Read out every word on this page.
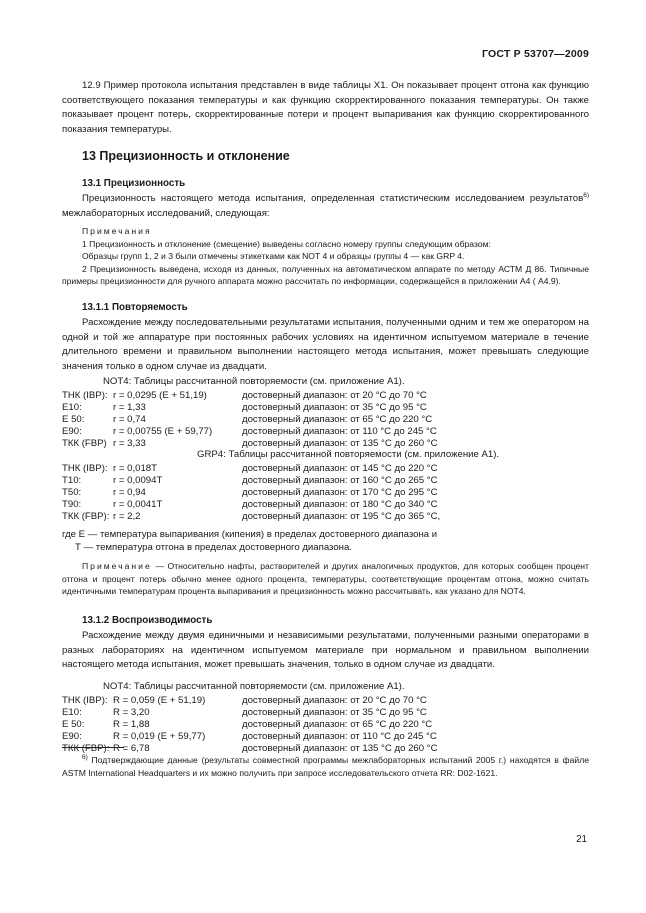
ГОСТ Р 53707—2009

12.9 Пример протокола испытания представлен в виде таблицы Х1. Он показывает процент отгона как функцию соответствующего показания температуры и как функцию скорректированного показания температуры. Он также показывает процент потерь, скорректированные потери и процент выпаривания как функцию скорректированного показания температуры.

13 Прецизионность и отклонение
13.1 Прецизионность

Прецизионность настоящего метода испытания, определенная статистическим исследованием результатов$^{6)}$ межлабораторных исследований, следующая:

Примечания
1 Прецизионность и отклонение (смещение) выведены согласно номеру группы следующим образом:
Образцы групп 1, 2 и 3 были отмечены этикетками как NOT 4 и образцы группы 4 — как GRP 4.
2 Прецизионность выведена, исходя из данных, полученных на автоматическом аппарате по методу АСТМ Д 86. Типичные примеры прецизионности для ручного аппарата можно рассчитать по информации, содержащейся в приложении А4 ( А4.9).
13.1.1 Повторяемость

Расхождение между последовательными результатами испытания, полученными одним и тем же оператором на одной и той же аппаратуре при постоянных рабочих условиях на идентичном испытуемом материале в течение длительного времени и правильном выполнении настоящего метода испытания, может превышать следующие значения только в одном случае из двадцати.

NOT4: Таблицы рассчитанной повторяемости (см. приложение А1).
ТНК (IBP): r = 0,0295 (E + 51,19)	достоверный диапазон: от 20 °С до 70 °С
Е10:	r = 1,33	достоверный диапазон: от 35 °С до 95 °С
Е 50:	r = 0,74	достоверный диапазон: от 65 °С до 220 °С
Е90:	r = 0,00755 (E + 59,77)	достоверный диапазон: от 110 °С до 245 °С
ТКК (FBP) r = 3,33	достоверный диапазон: от 135 °С до 260 °С
GRP4: Таблицы рассчитанной повторяемости (см. приложение А1).
ТНК (IBP): r = 0,018T	достоверный диапазон: от 145 °С до 220 °С
Т10:	r = 0,0094T	достоверный диапазон: от 160 °С до 265 °С
Т50:	r = 0,94	достоверный диапазон: от 170 °С до 295 °С
Т90:	r = 0,0041T	достоверный диапазон: от 180 °С до 340 °С
ТКК (FBP): r = 2,2	достоверный диапазон: от 195 °С до 365 °С,
где Е — температура выпаривания (кипения) в пределах достоверного диапазона и
Т — температура отгона в пределах достоверного диапазона.

Примечание — Относительно нафты, растворителей и других аналогичных продуктов, для которых сообщен процент отгона и процент потерь обычно менее одного процента, температуры, соответствующие процентам отгона, можно считать идентичными температурам процента выпаривания и прецизионность можно рассчитывать, как указано для NOT4.

13.1.2 Воспроизводимость

Расхождение между двумя единичными и независимыми результатами, полученными разными операторами в разных лабораториях на идентичном испытуемом материале при нормальном и правильном выполнении настоящего метода испытания, может превышать значения, только в одном случае из двадцати.

NOT4: Таблицы рассчитанной повторяемости (см. приложение А1).
ТНК (IBP): R = 0,059 (E + 51,19)	достоверный диапазон: от 20 °С до 70 °С
Е10:	R = 3,20	достоверный диапазон: от 35 °С до 95 °С
Е 50:	R = 1,88	достоверный диапазон: от 65 °С до 220 °С
Е90:	R = 0,019 (E + 59,77)	достоверный диапазон: от 110 °С до 245 °С
ТКК (FBP): R = 6,78	достоверный диапазон: от 135 °С до 260 °С

$^{6)}$ Подтверждающие данные (результаты совместной программы межлабораторных испытаний 2005 г.) находятся в файле ASTM International Headquarters и их можно получить при запросе исследовательского отчета RR: D02-1621.

21
